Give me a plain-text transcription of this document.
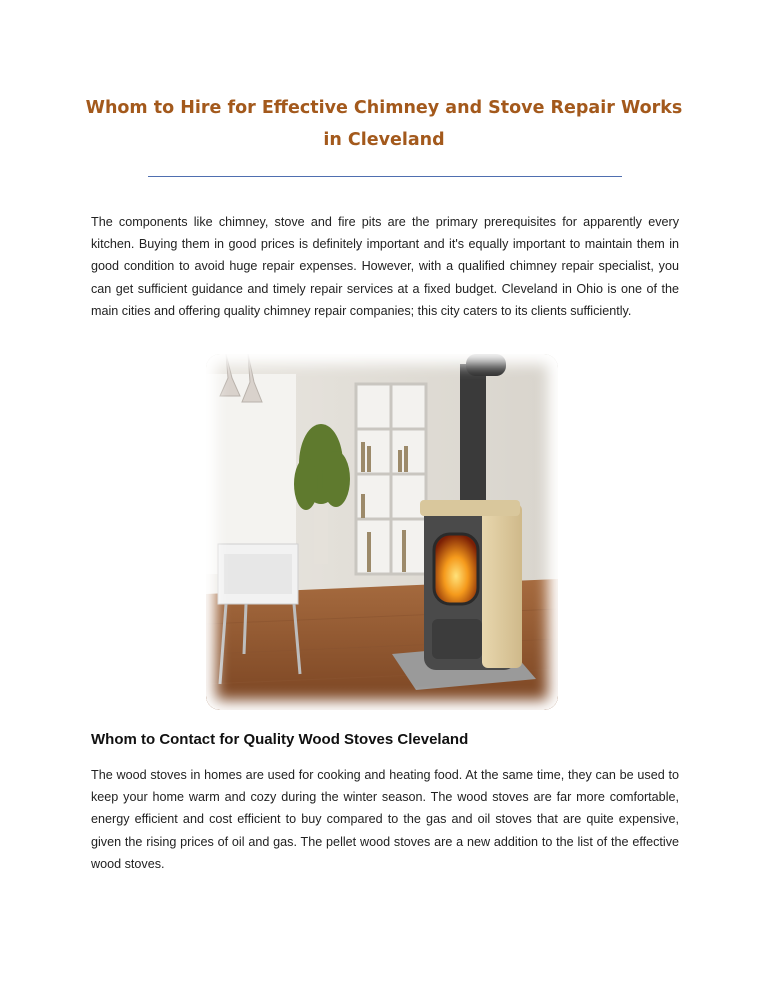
Whom to Hire for Effective Chimney and Stove Repair Works in Cleveland

The components like chimney, stove and fire pits are the primary prerequisites for apparently every kitchen. Buying them in good prices is definitely important and it's equally important to maintain them in good condition to avoid huge repair expenses. However, with a qualified chimney repair specialist, you can get sufficient guidance and timely repair services at a fixed budget. Cleveland in Ohio is one of the main cities and offering quality chimney repair companies; this city caters to its clients sufficiently.

Whom to Contact for Quality Wood Stoves Cleveland

The wood stoves in homes are used for cooking and heating food. At the same time, they can be used to keep your home warm and cozy during the winter season. The wood stoves are far more comfortable, energy efficient and cost efficient to buy compared to the gas and oil stoves that are quite expensive, given the rising prices of oil and gas. The pellet wood stoves are a new addition to the list of the effective wood stoves.
